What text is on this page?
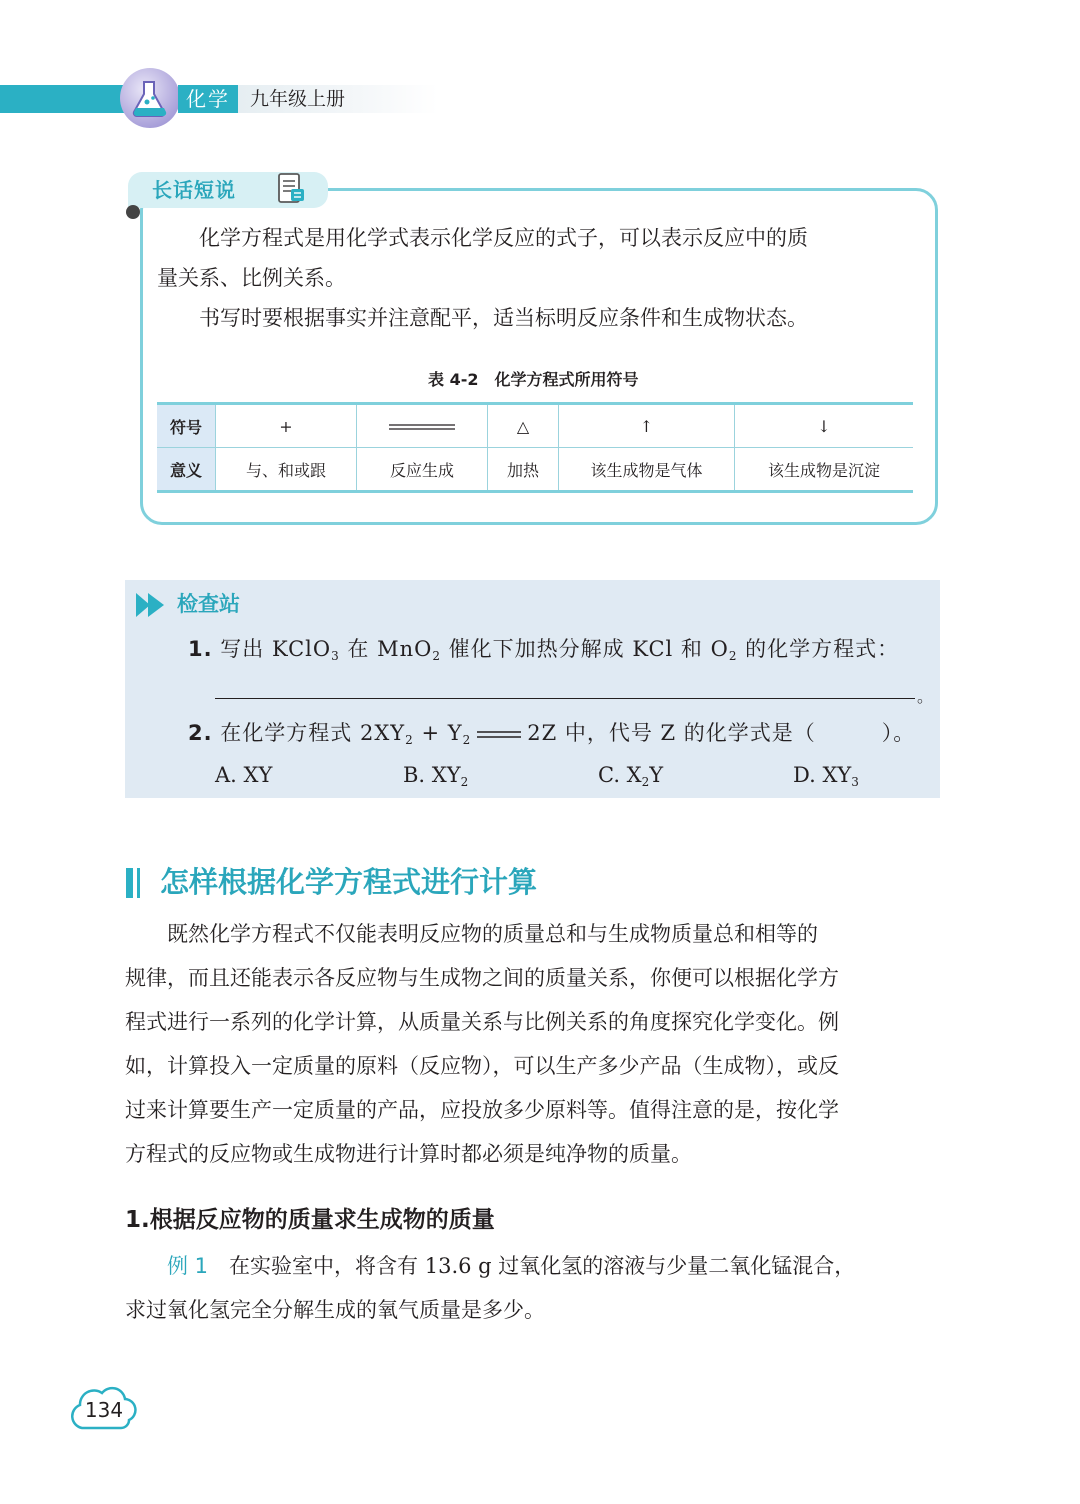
化学	九年级上册
长话短说
　　化学方程式是用化学式表示化学反应的式子，可以表示反应中的质
量关系、比例关系。
　　书写时要根据事实并注意配平，适当标明反应条件和生成物状态。
表 4-2　化学方程式所用符号
符号	+		△	↑	↓
意义	与、和或跟	反应生成	加热	该生成物是气体	该生成物是沉淀
检查站
1. 写出 KClO$_3$ 在 MnO$_2$ 催化下加热分解成 KCl 和 $O_2$ 的化学方程式：
。
2. 在化学方程式 $2XY_2 + Y_2$	2Z 中，代号 Z 的化学式是（　　　）。
A. XY	B. $XY_2$	C. $X_2Y$	D. $XY_3$
怎样根据化学方程式进行计算
　　既然化学方程式不仅能表明反应物的质量总和与生成物质量总和相等的
规律，而且还能表示各反应物与生成物之间的质量关系，你便可以根据化学方
程式进行一系列的化学计算，从质量关系与比例关系的角度探究化学变化。例
如，计算投入一定质量的原料（反应物），可以生产多少产品（生成物），或反
过来计算要生产一定质量的产品，应投放多少原料等。值得注意的是，按化学
方程式的反应物或生成物进行计算时都必须是纯净物的质量。
1.根据反应物的质量求生成物的质量
　　例 1　 在实验室中，将含有 13.6 g 过氧化氢的溶液与少量二氧化锰混合，
求过氧化氢完全分解生成的氧气质量是多少。
134
